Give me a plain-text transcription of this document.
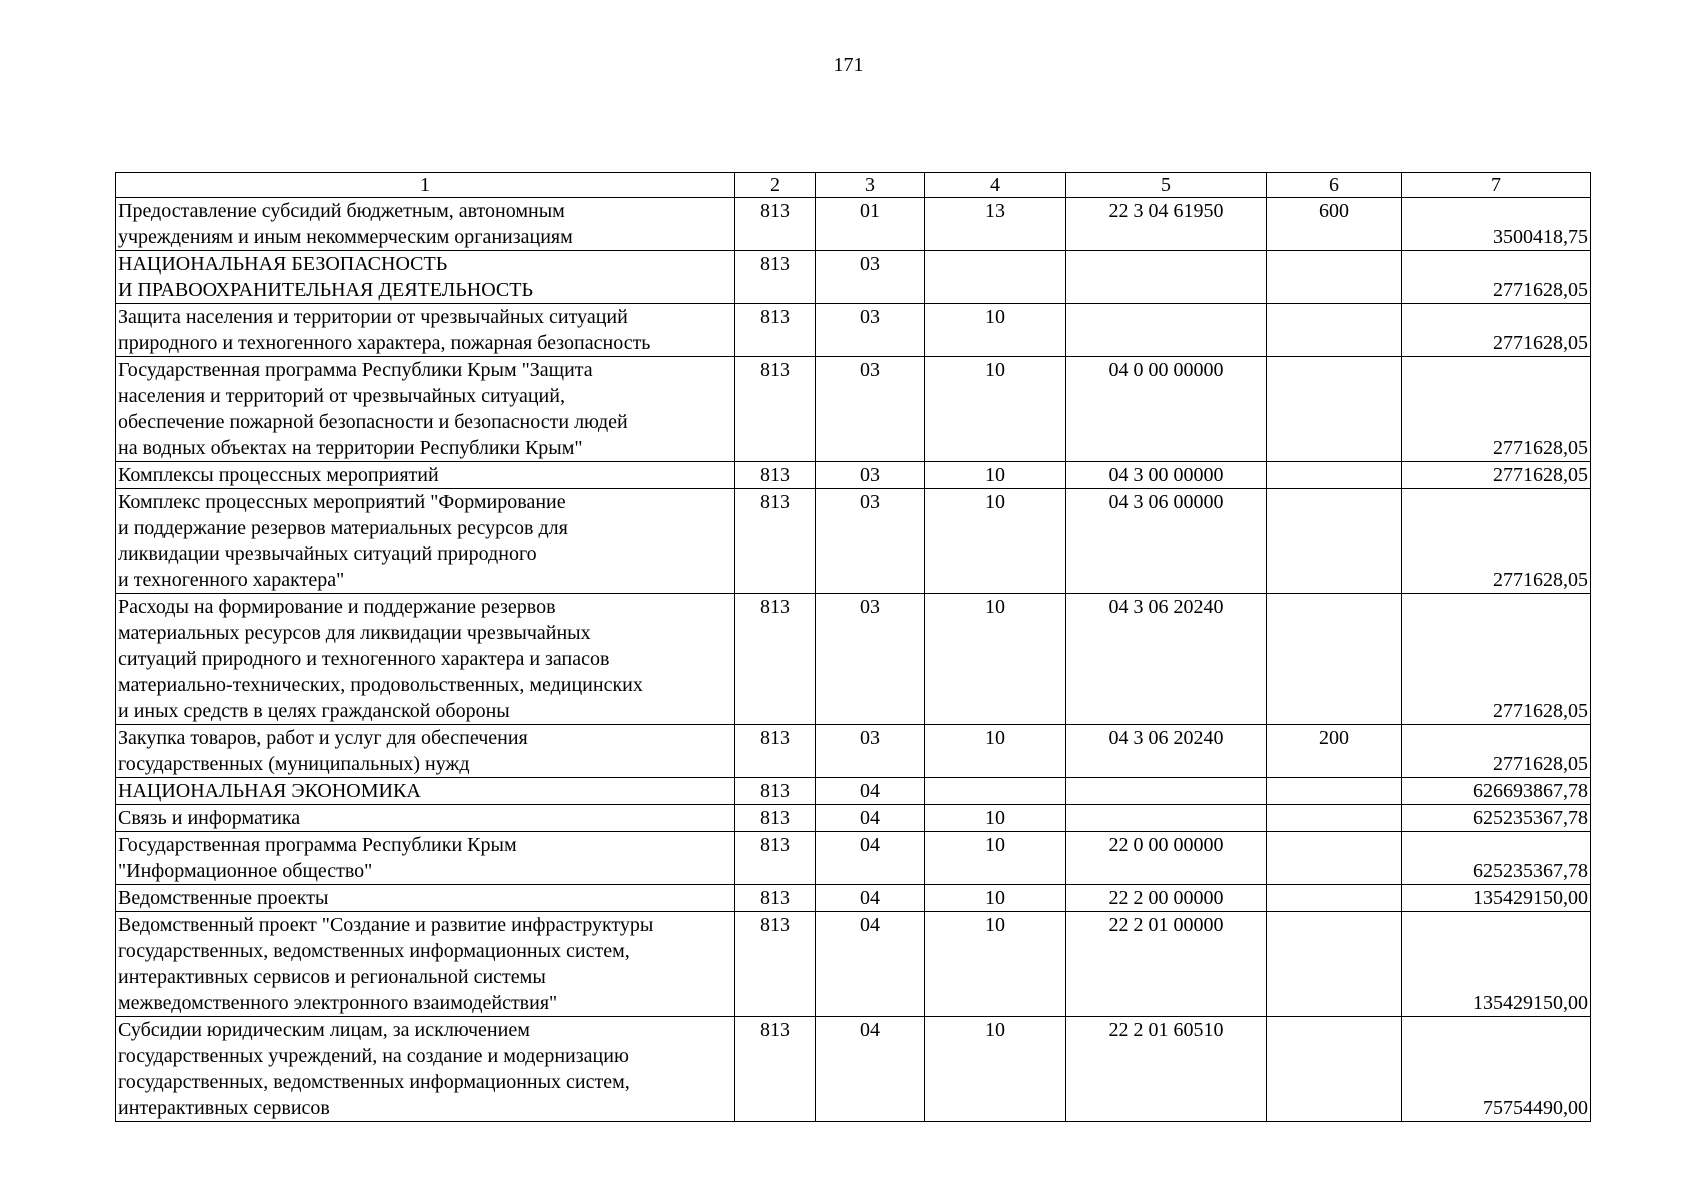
171
1	2	3	4	5	6	7
Предоставление субсидий бюджетным, автономным
учреждениям и иным некоммерческим организациям	813	01	13	22 3 04 61950	600	3500418,75
НАЦИОНАЛЬНАЯ БЕЗОПАСНОСТЬ
И ПРАВООХРАНИТЕЛЬНАЯ ДЕЯТЕЛЬНОСТЬ	813	03				2771628,05
Защита населения и территории от чрезвычайных ситуаций
природного и техногенного характера, пожарная безопасность	813	03	10			2771628,05
Государственная программа Республики Крым "Защита
населения и территорий от чрезвычайных ситуаций,
обеспечение пожарной безопасности и безопасности людей
на водных объектах на территории Республики Крым"	813	03	10	04 0 00 00000		2771628,05
Комплексы процессных мероприятий	813	03	10	04 3 00 00000		2771628,05
Комплекс процессных мероприятий "Формирование
и поддержание резервов материальных ресурсов для
ликвидации чрезвычайных ситуаций природного
и техногенного характера"	813	03	10	04 3 06 00000		2771628,05
Расходы на формирование и поддержание резервов
материальных ресурсов для ликвидации чрезвычайных
ситуаций природного и техногенного характера и запасов
материально-технических, продовольственных, медицинских
и иных средств в целях гражданской обороны	813	03	10	04 3 06 20240		2771628,05
Закупка товаров, работ и услуг для обеспечения
государственных (муниципальных) нужд	813	03	10	04 3 06 20240	200	2771628,05
НАЦИОНАЛЬНАЯ ЭКОНОМИКА	813	04				626693867,78
Связь и информатика	813	04	10			625235367,78
Государственная программа Республики Крым
"Информационное общество"	813	04	10	22 0 00 00000		625235367,78
Ведомственные проекты	813	04	10	22 2 00 00000		135429150,00
Ведомственный проект "Создание и развитие инфраструктуры
государственных, ведомственных информационных систем,
интерактивных сервисов и региональной системы
межведомственного электронного взаимодействия"	813	04	10	22 2 01 00000		135429150,00
Субсидии юридическим лицам, за исключением
государственных учреждений, на создание и модернизацию
государственных, ведомственных информационных систем,
интерактивных сервисов	813	04	10	22 2 01 60510		75754490,00
